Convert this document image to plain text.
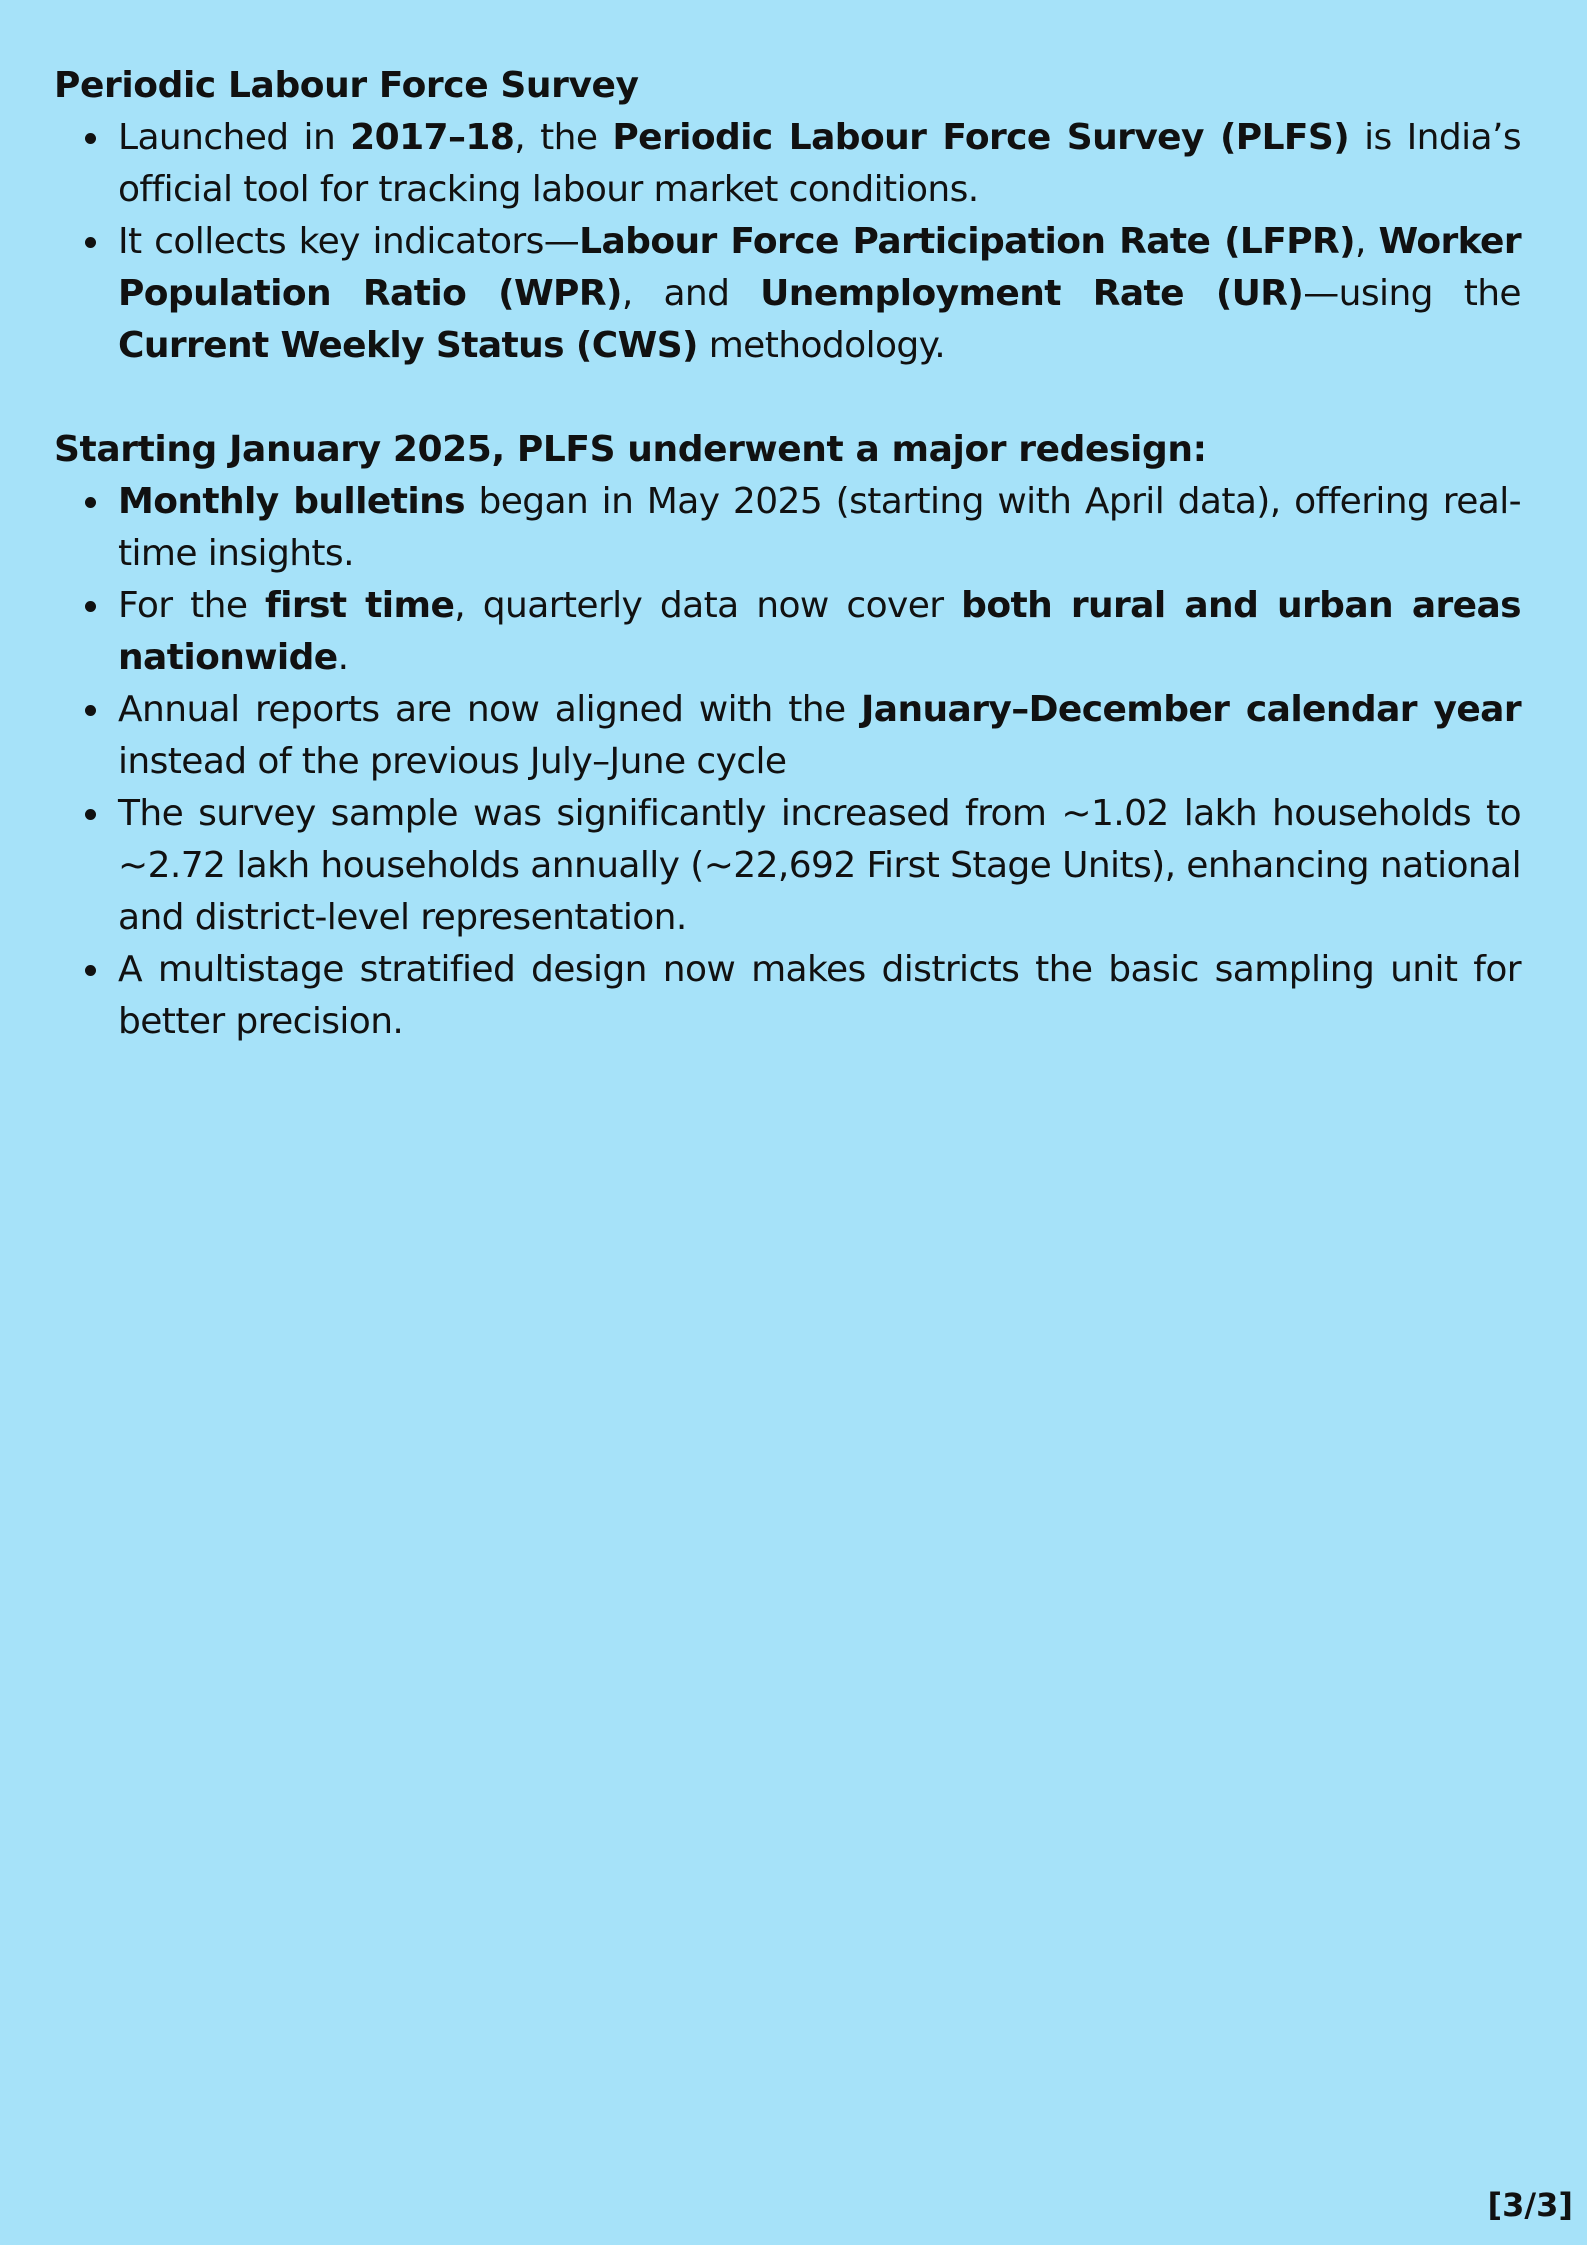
Periodic Labour Force Survey
Launched in 2017–18, the Periodic Labour Force Survey (PLFS) is India’s official tool for tracking labour market conditions.
It collects key indicators—Labour Force Participation Rate (LFPR), Worker Population Ratio (WPR), and Unemployment Rate (UR)—using the Current Weekly Status (CWS) methodology.
Starting January 2025, PLFS underwent a major redesign:
Monthly bulletins began in May 2025 (starting with April data), offering real-time insights.
For the first time, quarterly data now cover both rural and urban areas nationwide.
Annual reports are now aligned with the January–December calendar year instead of the previous July–June cycle
The survey sample was significantly increased from ~1.02 lakh households to ~2.72 lakh households annually (~22,692 First Stage Units), enhancing national and district-level representation.
A multistage stratified design now makes districts the basic sampling unit for better precision.
[3/3]
